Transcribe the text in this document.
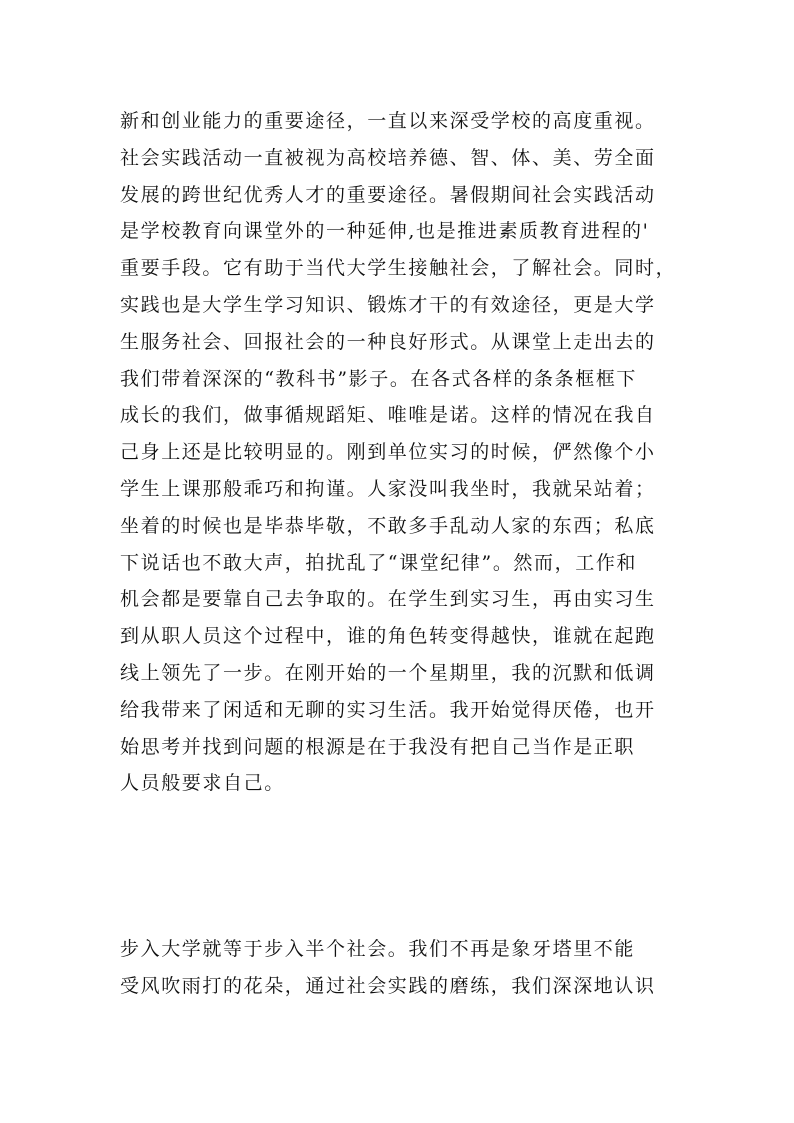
新和创业能力的重要途径，一直以来深受学校的高度重视。
社会实践活动一直被视为高校培养德、智、体、美、劳全面
发展的跨世纪优秀人才的重要途径。暑假期间社会实践活动
是学校教育向课堂外的一种延伸,也是推进素质教育进程的'
重要手段。它有助于当代大学生接触社会，了解社会。同时，
实践也是大学生学习知识、锻炼才干的有效途径，更是大学
生服务社会、回报社会的一种良好形式。从课堂上走出去的
我们带着深深的“教科书”影子。在各式各样的条条框框下
成长的我们，做事循规蹈矩、唯唯是诺。这样的情况在我自
己身上还是比较明显的。刚到单位实习的时候，俨然像个小
学生上课那般乖巧和拘谨。人家没叫我坐时，我就呆站着；
坐着的时候也是毕恭毕敬，不敢多手乱动人家的东西；私底
下说话也不敢大声，拍扰乱了“课堂纪律”。然而，工作和
机会都是要靠自己去争取的。在学生到实习生，再由实习生
到从职人员这个过程中，谁的角色转变得越快，谁就在起跑
线上领先了一步。在刚开始的一个星期里，我的沉默和低调
给我带来了闲适和无聊的实习生活。我开始觉得厌倦，也开
始思考并找到问题的根源是在于我没有把自己当作是正职
人员般要求自己。
步入大学就等于步入半个社会。我们不再是象牙塔里不能
受风吹雨打的花朵，通过社会实践的磨练，我们深深地认识
